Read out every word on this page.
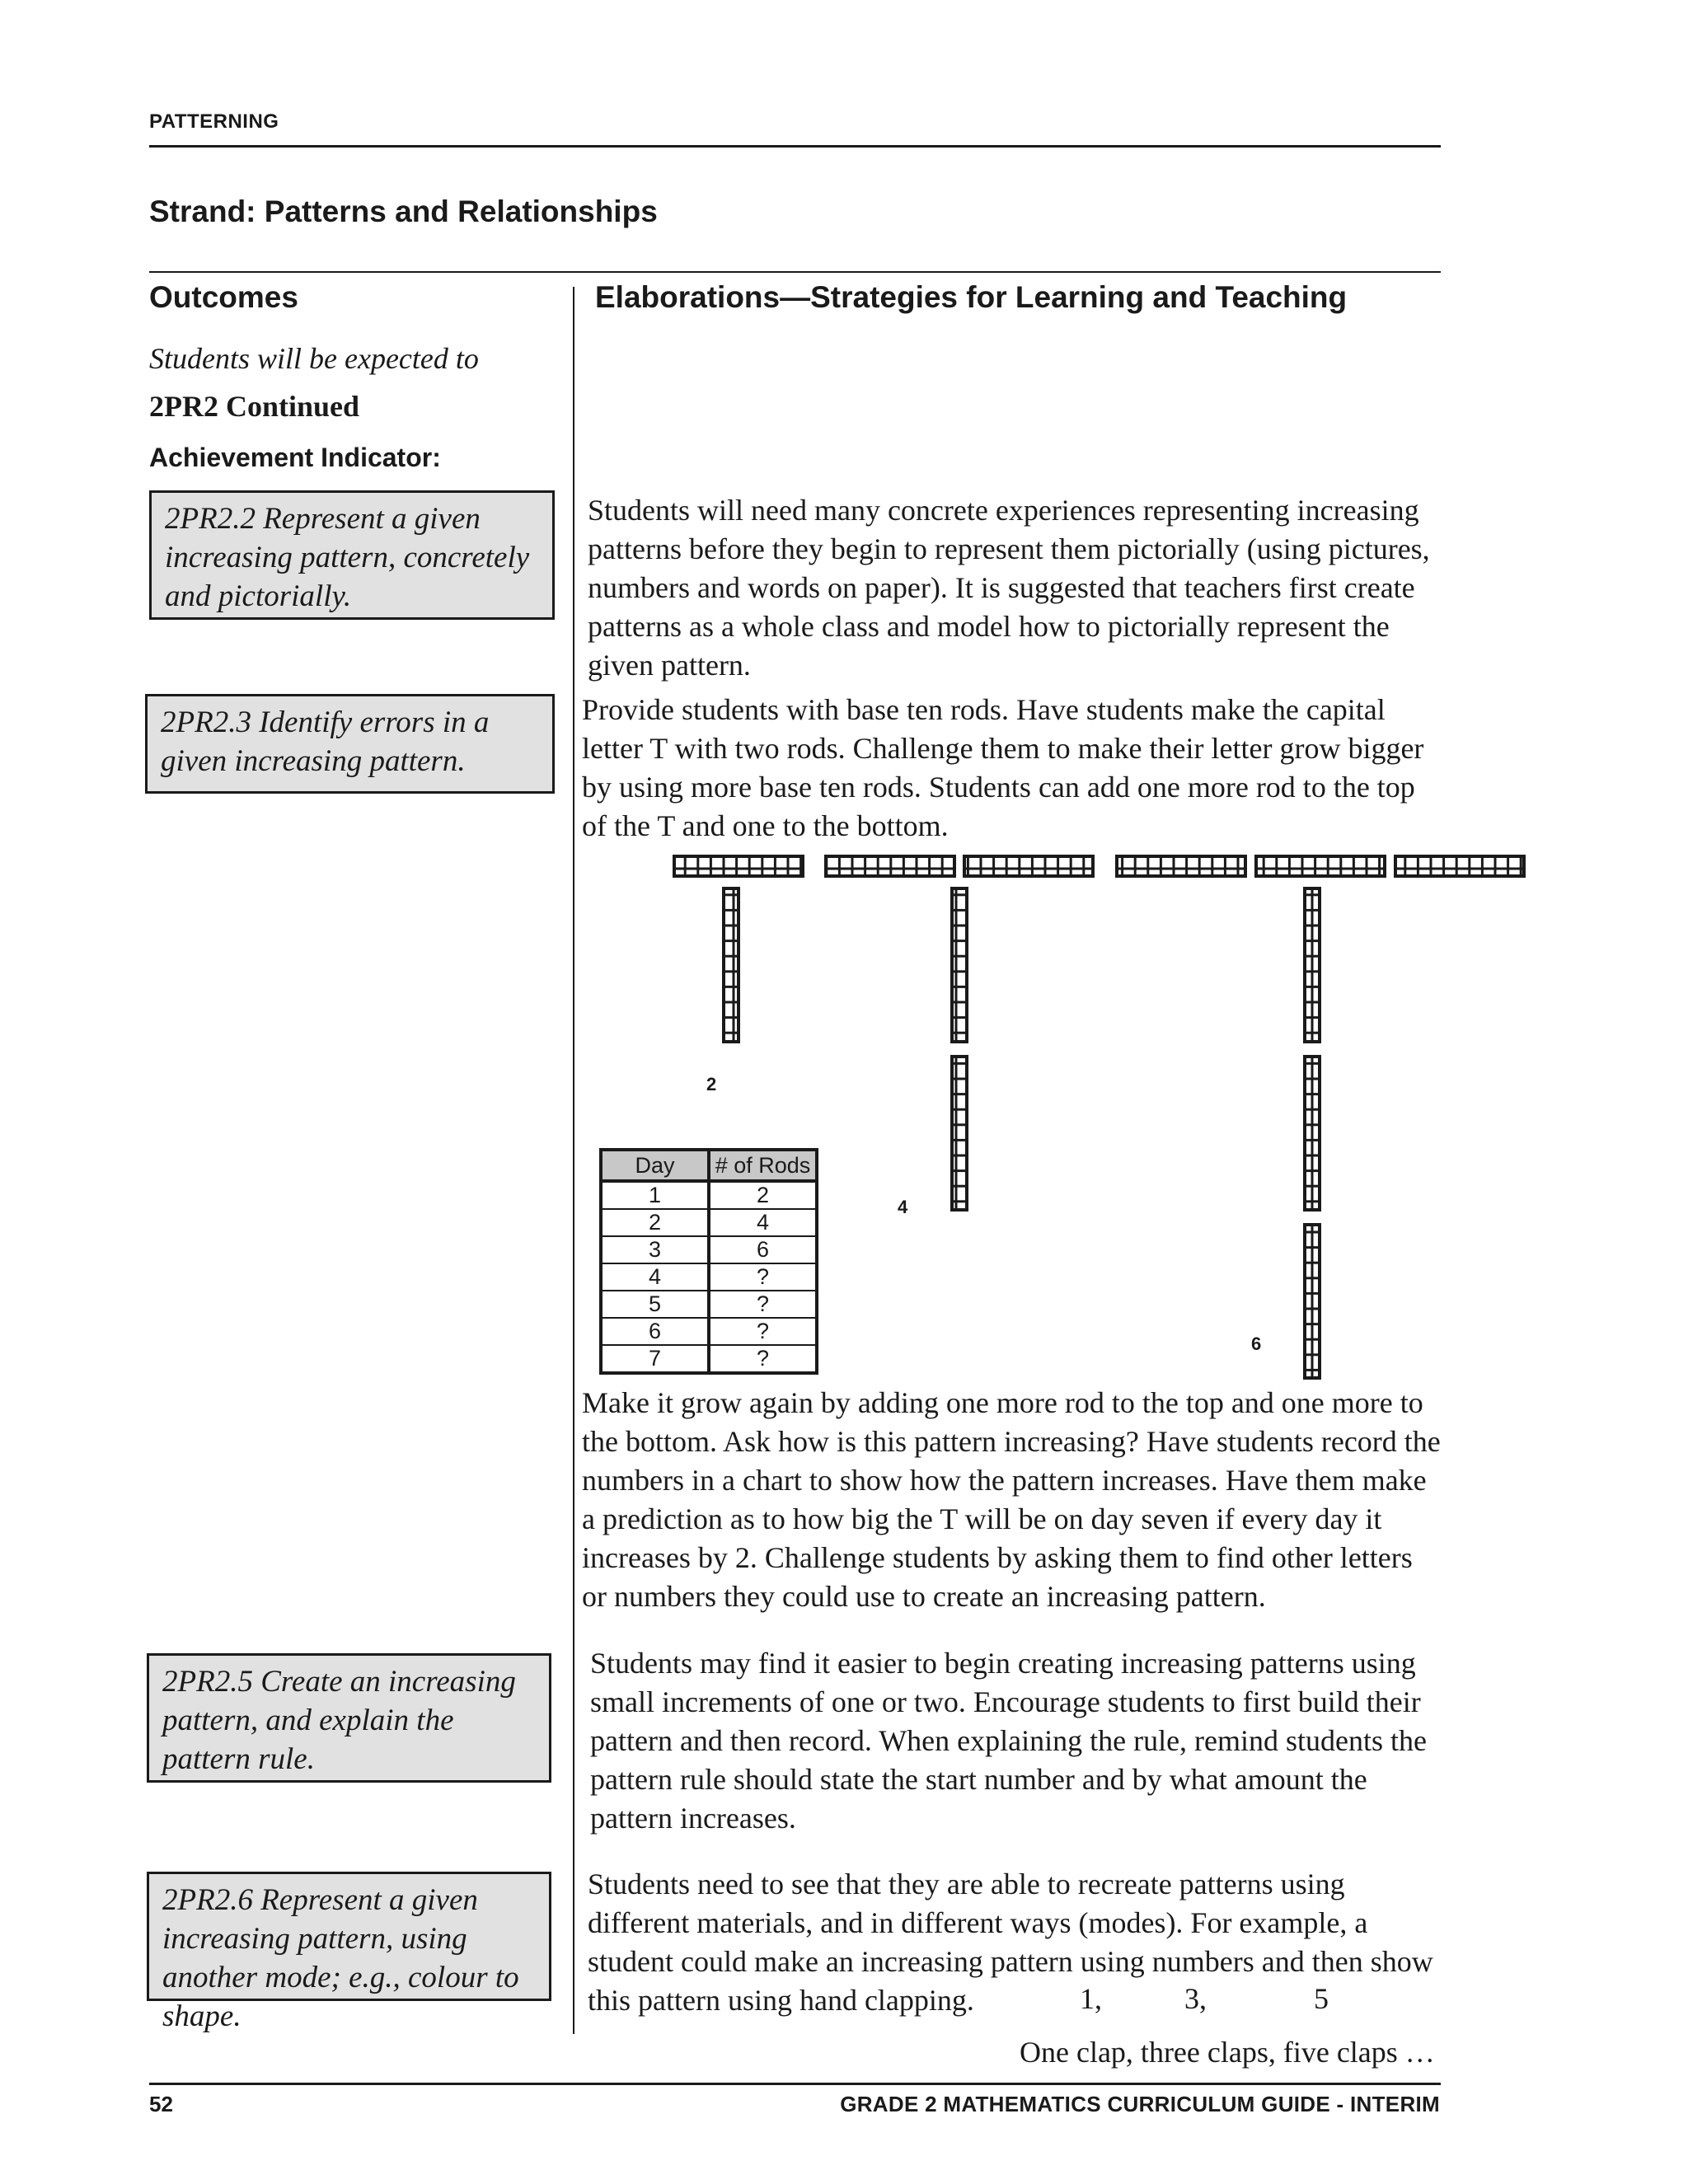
PATTERNING
Strand: Patterns and Relationships
Outcomes	Elaborations—Strategies for Learning and Teaching
Students will be expected to
2PR2 Continued
Achievement Indicator:
2PR2.2 Represent a given increasing pattern, concretely and pictorially.
2PR2.3 Identify errors in a given increasing pattern.
2PR2.5 Create an increasing pattern, and explain the pattern rule.
2PR2.6 Represent a given increasing pattern, using another mode; e.g., colour to shape.
Students will need many concrete experiences representing increasing patterns before they begin to represent them pictorially (using pictures, numbers and words on paper). It is suggested that teachers first create patterns as a whole class and model how to pictorially represent the given pattern.
Provide students with base ten rods. Have students make the capital letter T with two rods. Challenge them to make their letter grow bigger by using more base ten rods. Students can add one more rod to the top of the T and one to the bottom.
2
4
6
Day	# of Rods
1	2
2	4
3	6
4	?
5	?
6	?
7	?
Make it grow again by adding one more rod to the top and one more to the bottom. Ask how is this pattern increasing? Have students record the numbers in a chart to show how the pattern increases. Have them make a prediction as to how big the T will be on day seven if every day it increases by 2. Challenge students by asking them to find other letters or numbers they could use to create an increasing pattern.
Students may find it easier to begin creating increasing patterns using small increments of one or two. Encourage students to first build their pattern and then record. When explaining the rule, remind students the pattern rule should state the start number and by what amount the pattern increases.
Students need to see that they are able to recreate patterns using different materials, and in different ways (modes). For example, a student could make an increasing pattern using numbers and then show this pattern using hand clapping.	1,	3,	5
One clap, three claps, five claps …
52	GRADE 2 MATHEMATICS CURRICULUM GUIDE - INTERIM
